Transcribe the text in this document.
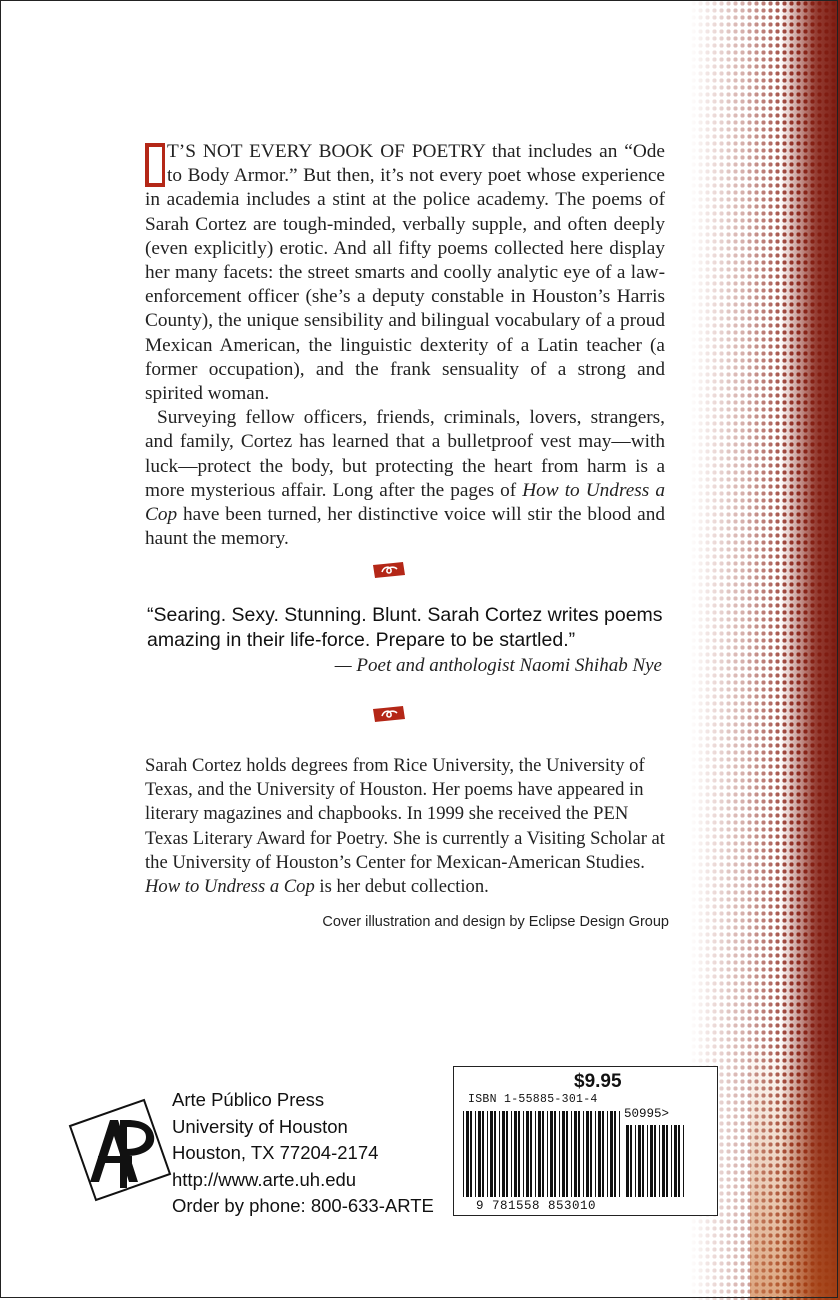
T’S NOT EVERY BOOK OF POETRY that includes an “Ode to Body Armor.” But then, it’s not every poet whose experience in academia includes a stint at the police academy. The poems of Sarah Cortez are tough-minded, verbally supple, and often deeply (even explicitly) erotic. And all fifty poems collected here display her many facets: the street smarts and coolly analytic eye of a law-enforcement officer (she’s a deputy constable in Houston’s Harris County), the unique sensibility and bilingual vocabulary of a proud Mexican American, the linguistic dexterity of a Latin teacher (a former occupation), and the frank sensuality of a strong and spirited woman.

Surveying fellow officers, friends, criminals, lovers, strangers, and family, Cortez has learned that a bulletproof vest may—with luck—protect the body, but protecting the heart from harm is a more mysterious affair. Long after the pages of How to Undress a Cop have been turned, her distinctive voice will stir the blood and haunt the memory.

“Searing. Sexy. Stunning. Blunt. Sarah Cortez writes poems amazing in their life-force. Prepare to be startled.”
— Poet and anthologist Naomi Shihab Nye
Sarah Cortez holds degrees from Rice University, the University of Texas, and the University of Houston. Her poems have appeared in literary magazines and chapbooks. In 1999 she received the PEN Texas Literary Award for Poetry. She is currently a Visiting Scholar at the University of Houston’s Center for Mexican-American Studies. How to Undress a Cop is her debut collection.
Cover illustration and design by Eclipse Design Group
Arte Público Press
University of Houston
Houston, TX 77204-2174
http://www.arte.uh.edu
Order by phone: 800-633-ARTE
$9.95
ISBN 1-55885-301-4
50995>
9 781558 853010
